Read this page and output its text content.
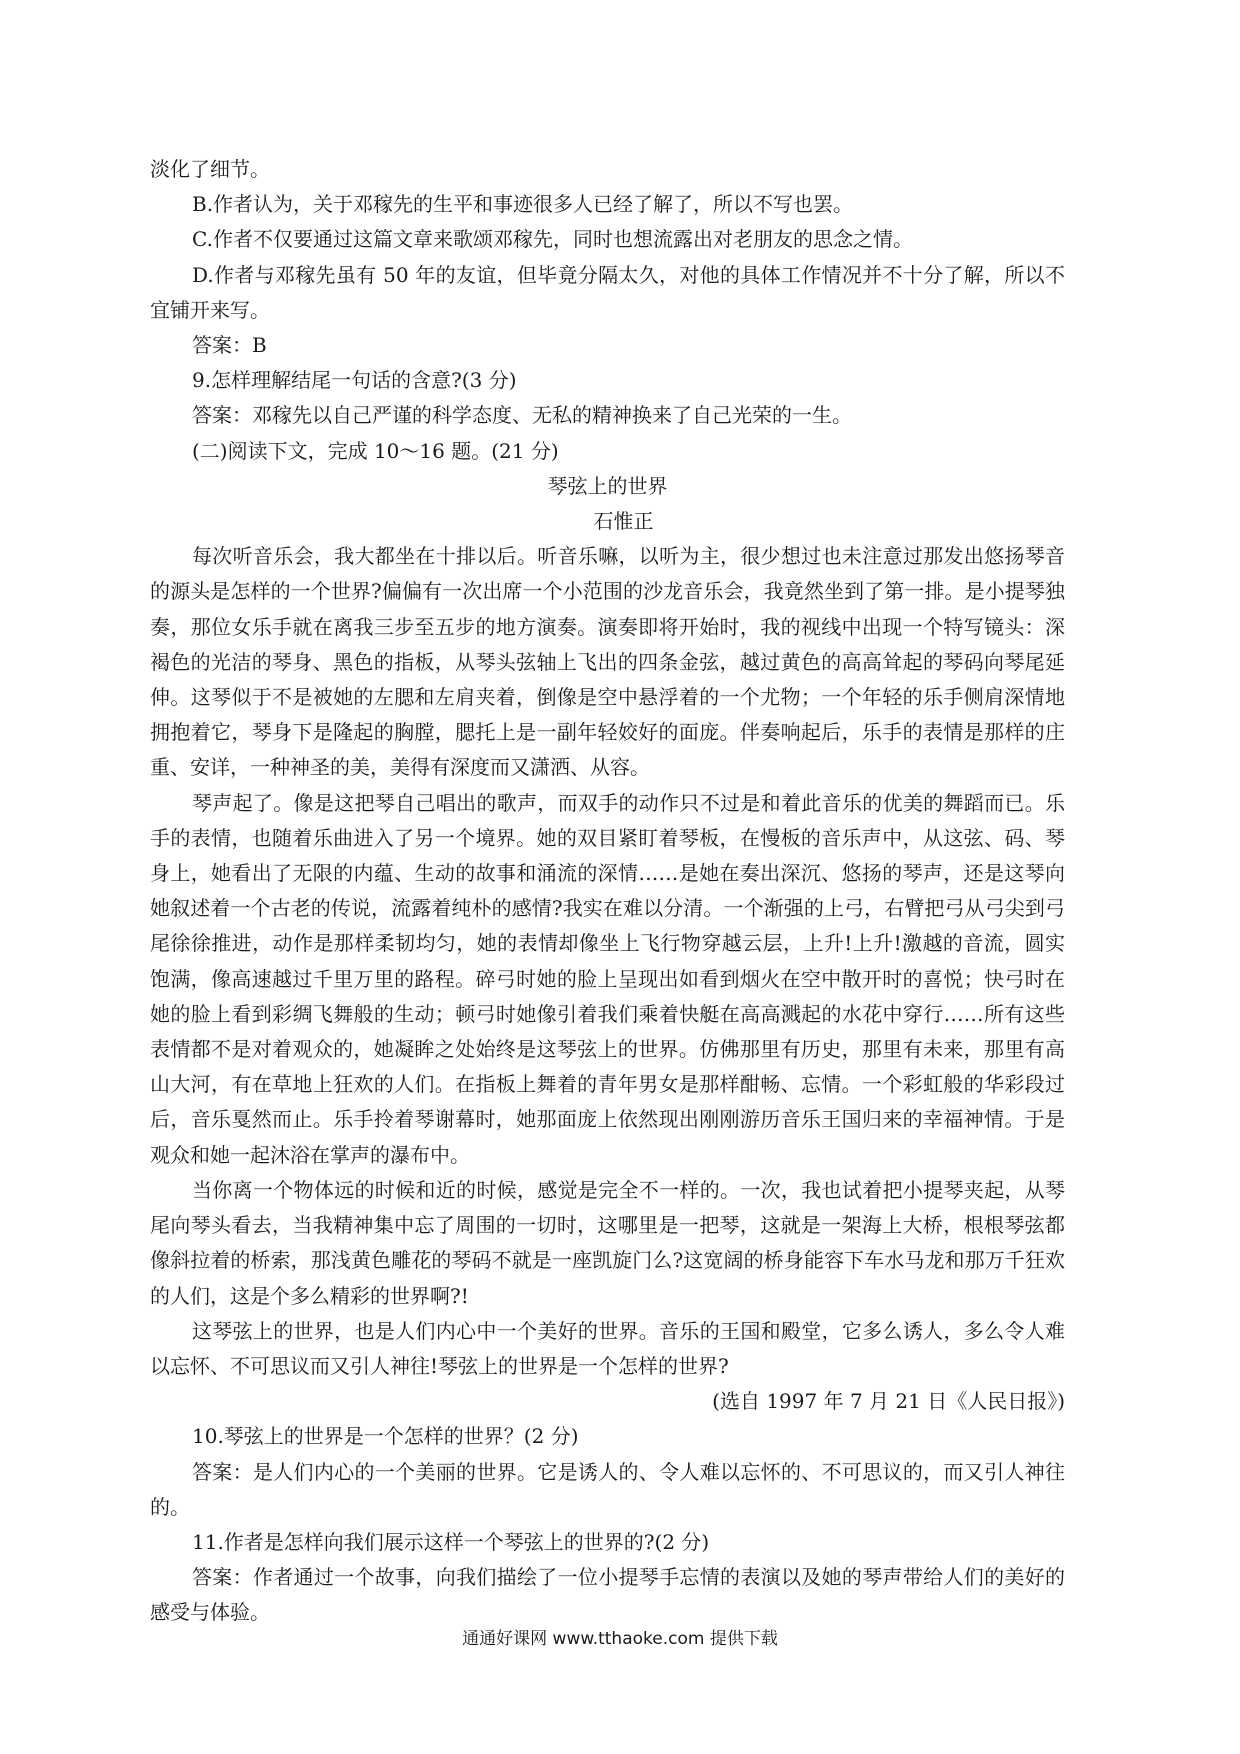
淡化了细节。

B.作者认为，关于邓稼先的生平和事迹很多人已经了解了，所以不写也罢。

C.作者不仅要通过这篇文章来歌颂邓稼先，同时也想流露出对老朋友的思念之情。

D.作者与邓稼先虽有 50 年的友谊，但毕竟分隔太久，对他的具体工作情况并不十分了解，所以不宜铺开来写。

答案：B

9.怎样理解结尾一句话的含意?(3 分)

答案：邓稼先以自己严谨的科学态度、无私的精神换来了自己光荣的一生。

(二)阅读下文，完成 10～16 题。(21 分)

琴弦上的世界

石惟正

每次听音乐会，我大都坐在十排以后。听音乐嘛，以听为主，很少想过也未注意过那发出悠扬琴音的源头是怎样的一个世界?偏偏有一次出席一个小范围的沙龙音乐会，我竟然坐到了第一排。是小提琴独奏，那位女乐手就在离我三步至五步的地方演奏。演奏即将开始时，我的视线中出现一个特写镜头：深褐色的光洁的琴身、黑色的指板，从琴头弦轴上飞出的四条金弦，越过黄色的高高耸起的琴码向琴尾延伸。这琴似于不是被她的左腮和左肩夹着，倒像是空中悬浮着的一个尤物；一个年轻的乐手侧肩深情地拥抱着它，琴身下是隆起的胸膛，腮托上是一副年轻姣好的面庞。伴奏响起后，乐手的表情是那样的庄重、安详，一种神圣的美，美得有深度而又潇洒、从容。

琴声起了。像是这把琴自己唱出的歌声，而双手的动作只不过是和着此音乐的优美的舞蹈而已。乐手的表情，也随着乐曲进入了另一个境界。她的双目紧盯着琴板，在慢板的音乐声中，从这弦、码、琴身上，她看出了无限的内蕴、生动的故事和涌流的深情……是她在奏出深沉、悠扬的琴声，还是这琴向她叙述着一个古老的传说，流露着纯朴的感情?我实在难以分清。一个渐强的上弓，右臂把弓从弓尖到弓尾徐徐推进，动作是那样柔韧均匀，她的表情却像坐上飞行物穿越云层，上升!上升!激越的音流，圆实饱满，像高速越过千里万里的路程。碎弓时她的脸上呈现出如看到烟火在空中散开时的喜悦；快弓时在她的脸上看到彩绸飞舞般的生动；顿弓时她像引着我们乘着快艇在高高溅起的水花中穿行……所有这些表情都不是对着观众的，她凝眸之处始终是这琴弦上的世界。仿佛那里有历史，那里有未来，那里有高山大河，有在草地上狂欢的人们。在指板上舞着的青年男女是那样酣畅、忘情。一个彩虹般的华彩段过后，音乐戛然而止。乐手拎着琴谢幕时，她那面庞上依然现出刚刚游历音乐王国归来的幸福神情。于是观众和她一起沐浴在掌声的瀑布中。

当你离一个物体远的时候和近的时候，感觉是完全不一样的。一次，我也试着把小提琴夹起，从琴尾向琴头看去，当我精神集中忘了周围的一切时，这哪里是一把琴，这就是一架海上大桥，根根琴弦都像斜拉着的桥索，那浅黄色雕花的琴码不就是一座凯旋门么?这宽阔的桥身能容下车水马龙和那万千狂欢的人们，这是个多么精彩的世界啊?!

这琴弦上的世界，也是人们内心中一个美好的世界。音乐的王国和殿堂，它多么诱人，多么令人难以忘怀、不可思议而又引人神往!琴弦上的世界是一个怎样的世界?

(选自 1997 年 7 月 21 日《人民日报》)

10.琴弦上的世界是一个怎样的世界？(2 分)

答案：是人们内心的一个美丽的世界。它是诱人的、令人难以忘怀的、不可思议的，而又引人神往的。

11.作者是怎样向我们展示这样一个琴弦上的世界的?(2 分)

答案：作者通过一个故事，向我们描绘了一位小提琴手忘情的表演以及她的琴声带给人们的美好的感受与体验。

通通好课网 www.tthaoke.com 提供下载
